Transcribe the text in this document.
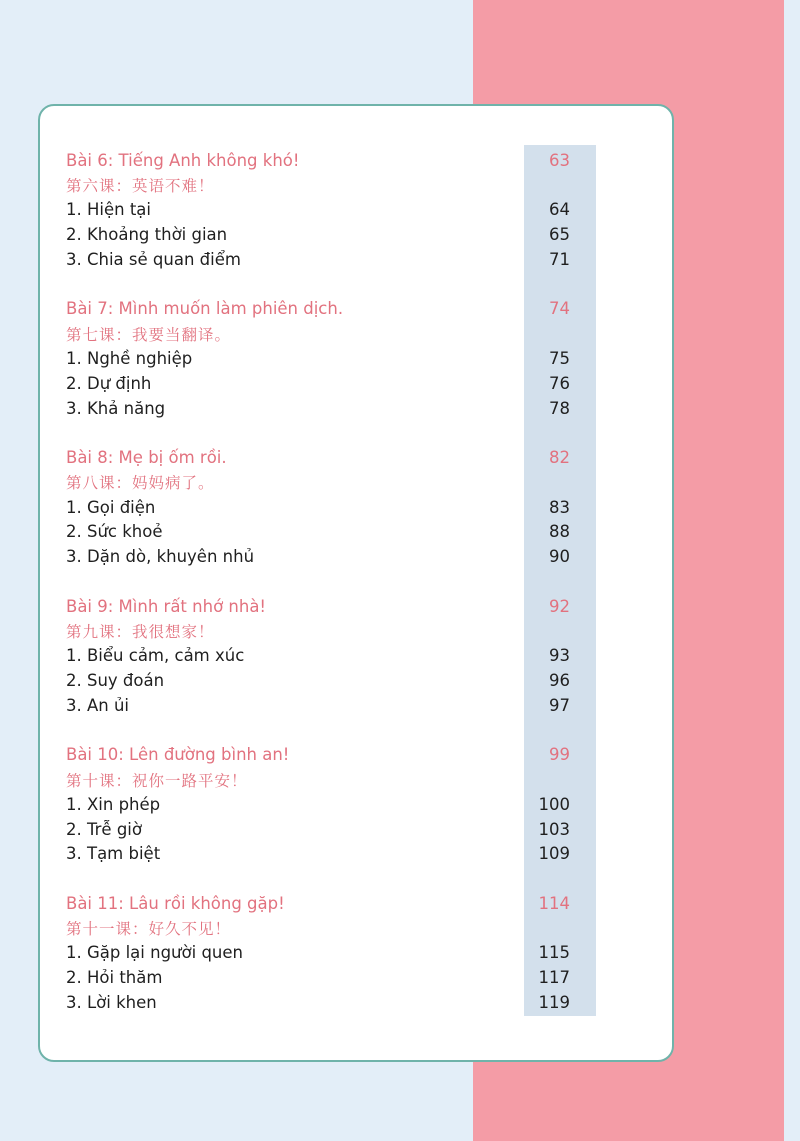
Bài 6: Tiếng Anh không khó!	63
第六课：英语不难！
1. Hiện tại	64
2. Khoảng thời gian	65
3. Chia sẻ quan điểm	71
Bài 7: Mình muốn làm phiên dịch.	74
第七课：我要当翻译。
1. Nghề nghiệp	75
2. Dự định	76
3. Khả năng	78
Bài 8: Mẹ bị ốm rồi.	82
第八课：妈妈病了。
1. Gọi điện	83
2. Sức khoẻ	88
3. Dặn dò, khuyên nhủ	90
Bài 9: Mình rất nhớ nhà!	92
第九课：我很想家！
1. Biểu cảm, cảm xúc	93
2. Suy đoán	96
3. An ủi	97
Bài 10: Lên đường bình an!	99
第十课：祝你一路平安！
1. Xin phép	100
2. Trễ giờ	103
3. Tạm biệt	109
Bài 11: Lâu rồi không gặp!	114
第十一课：好久不见！
1. Gặp lại người quen	115
2. Hỏi thăm	117
3. Lời khen	119
